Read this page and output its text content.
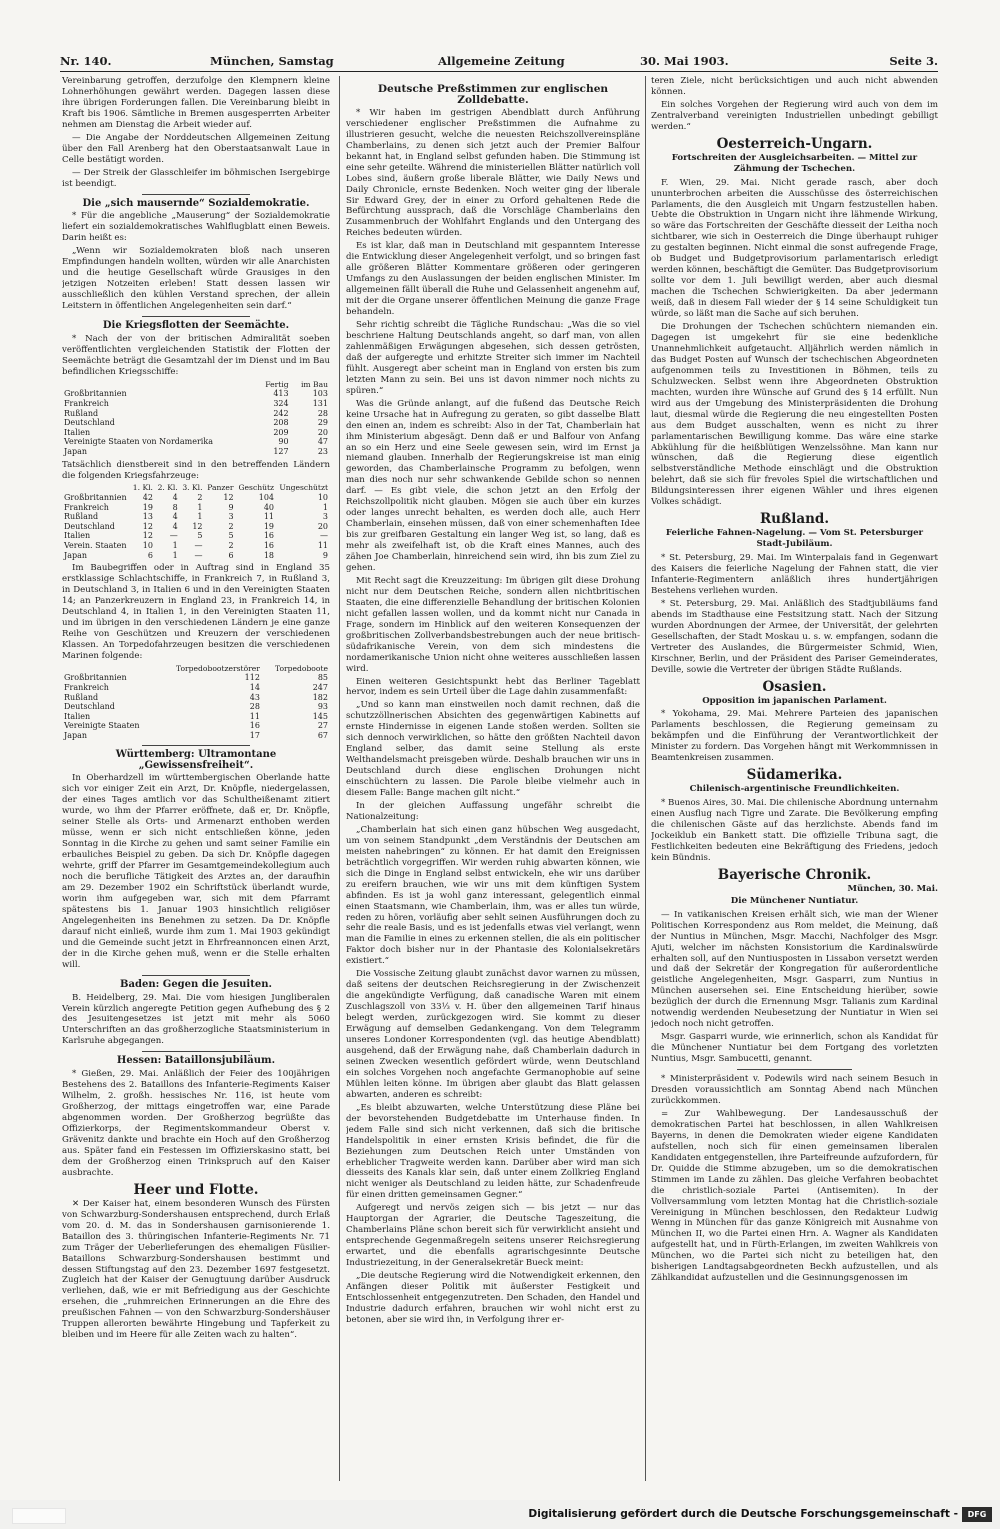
Nr. 140.	München, Samstag	Allgemeine Zeitung	30. Mai 1903.	Seite 3.

Vereinbarung getroffen, derzufolge den Klempnern kleine Lohnerhöhungen gewährt werden. Dagegen lassen diese ihre übrigen Forderungen fallen. Die Vereinbarung bleibt in Kraft bis 1906. Sämtliche in Bremen ausgesperrten Arbeiter nehmen am Dienstag die Arbeit wieder auf.

— Die Angabe der Norddeutschen Allgemeinen Zeitung über den Fall Arenberg hat den Oberstaatsanwalt Laue in Celle bestätigt worden.

— Der Streik der Glasschleifer im böhmischen Isergebirge ist beendigt.

Die „sich mausernde“ Sozialdemokratie.

* Für die angebliche „Mauserung“ der Sozialdemokratie liefert ein sozialdemokratisches Wahlflugblatt einen Beweis. Darin heißt es:

„Wenn wir Sozialdemokraten bloß nach unseren Empfindungen handeln wollten, würden wir alle Anarchisten und die heutige Gesellschaft würde Grausiges in den jetzigen Notzeiten erleben! Statt dessen lassen wir ausschließlich den kühlen Verstand sprechen, der allein Leitstern in öffentlichen Angelegenheiten sein darf.“

Die Kriegsflotten der Seemächte.

* Nach der von der britischen Admiralität soeben veröffentlichten vergleichenden Statistik der Flotten der Seemächte beträgt die Gesamtzahl der im Dienst und im Bau befindlichen Kriegsschiffe:

	Fertig	im Bau
Großbritannien	413	103
Frankreich	324	131
Rußland	242	28
Deutschland	208	29
Italien	209	20
Vereinigte Staaten von Nordamerika	90	47
Japan	127	23

Tatsächlich dienstbereit sind in den betreffenden Ländern die folgenden Kriegsfahrzeuge:

	1. Kl.	2. Kl.	3. Kl.	Panzer	Geschütz	Ungeschützt
Großbritannien	42	4	2	12	104	10
Frankreich	19	8	1	9	40	1
Rußland	13	4	1	3	11	3
Deutschland	12	4	12	2	19	20
Italien	12	—	5	5	16	—
Verein. Staaten	10	1	—	2	16	11
Japan	6	1	—	6	18	9

Im Baubegriffen oder in Auftrag sind in England 35 erstklassige Schlachtschiffe, in Frankreich 7, in Rußland 3, in Deutschland 3, in Italien 6 und in den Vereinigten Staaten 14; an Panzerkreuzern in England 23, in Frankreich 14, in Deutschland 4, in Italien 1, in den Vereinigten Staaten 11, und im übrigen in den verschiedenen Ländern je eine ganze Reihe von Geschützen und Kreuzern der verschiedenen Klassen. An Torpedofahrzeugen besitzen die verschiedenen Marinen folgende:

	Torpedobootzerstörer	Torpedoboote
Großbritannien	112	85
Frankreich	14	247
Rußland	43	182
Deutschland	28	93
Italien	11	145
Vereinigte Staaten	16	27
Japan	17	67
Württemberg: Ultramontane „Gewissensfreiheit“.

In Oberhardzell im württembergischen Oberlande hatte sich vor einiger Zeit ein Arzt, Dr. Knöpfle, niedergelassen, der eines Tages amtlich vor das Schultheißenamt zitiert wurde, wo ihm der Pfarrer eröffnete, daß er, Dr. Knöpfle, seiner Stelle als Orts- und Armenarzt enthoben werden müsse, wenn er sich nicht entschließen könne, jeden Sonntag in die Kirche zu gehen und samt seiner Familie ein erbauliches Beispiel zu geben. Da sich Dr. Knöpfle dagegen wehrte, griff der Pfarrer im Gesamtgemeindekollegium auch noch die berufliche Tätigkeit des Arztes an, der daraufhin am 29. Dezember 1902 ein Schriftstück überlandt wurde, worin ihm aufgegeben war, sich mit dem Pfarramt spätestens bis 1. Januar 1903 hinsichtlich religiöser Angelegenheiten ins Benehmen zu setzen. Da Dr. Knöpfle darauf nicht einließ, wurde ihm zum 1. Mai 1903 gekündigt und die Gemeinde sucht jetzt in Ehrfreannoncen einen Arzt, der in die Kirche gehen muß, wenn er die Stelle erhalten will.

Baden: Gegen die Jesuiten.

B. Heidelberg, 29. Mai. Die vom hiesigen Jungliberalen Verein kürzlich angeregte Petition gegen Aufhebung des § 2 des Jesuitengesetzes ist jetzt mit mehr als 5060 Unterschriften an das großherzogliche Staatsministerium in Karlsruhe abgegangen.

Hessen: Bataillonsjubiläum.

* Gießen, 29. Mai. Anläßlich der Feier des 100jährigen Bestehens des 2. Bataillons des Infanterie-Regiments Kaiser Wilhelm, 2. großh. hessisches Nr. 116, ist heute vom Großherzog, der mittags eingetroffen war, eine Parade abgenommen worden. Der Großherzog begrüßte das Offizierkorps, der Regimentskommandeur Oberst v. Grävenitz dankte und brachte ein Hoch auf den Großherzog aus. Später fand ein Festessen im Offizierskasino statt, bei dem der Großherzog einen Trinkspruch auf den Kaiser ausbrachte.

Heer und Flotte.

✕ Der Kaiser hat, einem besonderen Wunsch des Fürsten von Schwarzburg-Sondershausen entsprechend, durch Erlaß vom 20. d. M. das in Sondershausen garnisonierende 1. Bataillon des 3. thüringischen Infanterie-Regiments Nr. 71 zum Träger der Ueberlieferungen des ehemaligen Füsilier-Bataillons Schwarzburg-Sondershausen bestimmt und dessen Stiftungstag auf den 23. Dezember 1697 festgesetzt. Zugleich hat der Kaiser der Genugtuung darüber Ausdruck verliehen, daß, wie er mit Befriedigung aus der Geschichte ersehen, die „ruhmreichen Erinnerungen an die Ehre des preußischen Fahnen — von den Schwarzburg-Sondershäuser Truppen allerorten bewährte Hingebung und Tapferkeit zu bleiben und im Heere für alle Zeiten wach zu halten“.

Deutsche Preßstimmen zur englischen Zolldebatte.

* Wir haben im gestrigen Abendblatt durch Anführung verschiedener englischer Preßstimmen die Aufnahme zu illustrieren gesucht, welche die neuesten Reichszollvereinspläne Chamberlains, zu denen sich jetzt auch der Premier Balfour bekannt hat, in England selbst gefunden haben. Die Stimmung ist eine sehr geteilte. Während die ministeriellen Blätter natürlich voll Lobes sind, äußern große liberale Blätter, wie Daily News und Daily Chronicle, ernste Bedenken. Noch weiter ging der liberale Sir Edward Grey, der in einer zu Orford gehaltenen Rede die Befürchtung aussprach, daß die Vorschläge Chamberlains den Zusammenbruch der Wohlfahrt Englands und den Untergang des Reiches bedeuten würden.

Es ist klar, daß man in Deutschland mit gespanntem Interesse die Entwicklung dieser Angelegenheit verfolgt, und so bringen fast alle größeren Blätter Kommentare größeren oder geringeren Umfangs zu den Auslassungen der beiden englischen Minister. Im allgemeinen fällt überall die Ruhe und Gelassenheit angenehm auf, mit der die Organe unserer öffentlichen Meinung die ganze Frage behandeln.

Sehr richtig schreibt die Tägliche Rundschau: „Was die so viel beschriene Haltung Deutschlands angeht, so darf man, von allen zahlenmäßigen Erwägungen abgesehen, sich dessen getrösten, daß der aufgeregte und erhitzte Streiter sich immer im Nachteil fühlt. Ausgeregt aber scheint man in England von ersten bis zum letzten Mann zu sein. Bei uns ist davon nimmer noch nichts zu spüren.“

Was die Gründe anlangt, auf die fußend das Deutsche Reich keine Ursache hat in Aufregung zu geraten, so gibt dasselbe Blatt den einen an, indem es schreibt: Also in der Tat, Chamberlain hat ihm Ministerium abgesägt. Denn daß er und Balfour von Anfang an so ein Herz und eine Seele gewesen sein, wird im Ernst ja niemand glauben. Innerhalb der Regierungskreise ist man einig geworden, das Chamberlainsche Programm zu befolgen, wenn man dies noch nur sehr schwankende Gebilde schon so nennen darf. — Es gibt viele, die schon jetzt an den Erfolg der Reichszollpolitik nicht glauben. Mögen sie auch über ein kurzes oder langes unrecht behalten, es werden doch alle, auch Herr Chamberlain, einsehen müssen, daß von einer schemenhaften Idee bis zur greifbaren Gestaltung ein langer Weg ist, so lang, daß es mehr als zweifelhaft ist, ob die Kraft eines Mannes, auch des zähen Joe Chamberlain, hinreichend sein wird, ihn bis zum Ziel zu gehen.

Mit Recht sagt die Kreuzzeitung: Im übrigen gilt diese Drohung nicht nur dem Deutschen Reiche, sondern allen nichtbritischen Staaten, die eine differenzielle Behandlung der britischen Kolonien nicht gefallen lassen wollen, und da kommt nicht nur Canada in Frage, sondern im Hinblick auf den weiteren Konsequenzen der großbritischen Zollverbandsbestrebungen auch der neue britisch-südafrikanische Verein, von dem sich mindestens die nordamerikanische Union nicht ohne weiteres ausschließen lassen wird.

Einen weiteren Gesichtspunkt hebt das Berliner Tageblatt hervor, indem es sein Urteil über die Lage dahin zusammenfaßt:

„Und so kann man einstweilen noch damit rechnen, daß die schutzzöllnerischen Absichten des gegenwärtigen Kabinetts auf ernste Hindernisse in eigenen Lande stoßen werden. Sollten sie sich dennoch verwirklichen, so hätte den größten Nachteil davon England selber, das damit seine Stellung als erste Welthandelsmacht preisgeben würde. Deshalb brauchen wir uns in Deutschland durch diese englischen Drohungen nicht einschüchtern zu lassen. Die Parole bleibe vielmehr auch in diesem Falle: Bange machen gilt nicht.“

In der gleichen Auffassung ungefähr schreibt die Nationalzeitung:

„Chamberlain hat sich einen ganz hübschen Weg ausgedacht, um von seinem Standpunkt „dem Verständnis der Deutschen am meisten nahebringen“ zu können. Er hat damit den Ereignissen beträchtlich vorgegriffen. Wir werden ruhig abwarten können, wie sich die Dinge in England selbst entwickeln, ehe wir uns darüber zu ereifern brauchen, wie wir uns mit dem künftigen System abfinden. Es ist ja wohl ganz interessant, gelegentlich einmal einen Staatsmann, wie Chamberlain, ihm, was er alles tun würde, reden zu hören, vorläufig aber sehlt seinen Ausführungen doch zu sehr die reale Basis, und es ist jedenfalls etwas viel verlangt, wenn man die Familie in eines zu erkennen stellen, die als ein politischer Faktor doch bisher nur in der Phantasie des Kolonialsekretärs existiert.“

Die Vossische Zeitung glaubt zunächst davor warnen zu müssen, daß seitens der deutschen Reichsregierung in der Zwischenzeit die angekündigte Verfügung, daß canadische Waren mit einem Zuschlagszoll von 33⅓ v. H. über den allgemeinen Tarif hinaus belegt werden, zurückgezogen wird. Sie kommt zu dieser Erwägung auf demselben Gedankengang. Von dem Telegramm unseres Londoner Korrespondenten (vgl. das heutige Abendblatt) ausgehend, daß der Erwägung nahe, daß Chamberlain dadurch in seinen Zwecken wesentlich gefördert würde, wenn Deutschland ein solches Vorgehen noch angefachte Germanophobie auf seine Mühlen leiten könne. Im übrigen aber glaubt das Blatt gelassen abwarten, anderen es schreibt:

„Es bleibt abzuwarten, welche Unterstützung diese Pläne bei der bevorstehenden Budgetdebatte im Unterhause finden. In jedem Falle sind sich nicht verkennen, daß sich die britische Handelspolitik in einer ernsten Krisis befindet, die für die Beziehungen zum Deutschen Reich unter Umständen von erheblicher Tragweite werden kann. Darüber aber wird man sich diesseits des Kanals klar sein, daß unter einem Zollkrieg England nicht weniger als Deutschland zu leiden hätte, zur Schadenfreude für einen dritten gemeinsamen Gegner.“

Aufgeregt und nervös zeigen sich — bis jetzt — nur das Hauptorgan der Agrarier, die Deutsche Tageszeitung, die Chamberlains Pläne schon bereit sich für verwirklicht ansieht und entsprechende Gegenmaßregeln seitens unserer Reichsregierung erwartet, und die ebenfalls agrarischgesinnte Deutsche Industriezeitung, in der Generalsekretär Bueck meint:

„Die deutsche Regierung wird die Notwendigkeit erkennen, den Anfängen dieser Politik mit äußerster Festigkeit und Entschlossenheit entgegenzutreten. Den Schaden, den Handel und Industrie dadurch erfahren, brauchen wir wohl nicht erst zu betonen, aber sie wird ihn, in Verfolgung ihrer er-

teren Ziele, nicht berücksichtigen und auch nicht abwenden können.

Ein solches Vorgehen der Regierung wird auch von dem im Zentralverband vereinigten Industriellen unbedingt gebilligt werden.“

Oesterreich-Ungarn.
Fortschreiten der Ausgleichsarbeiten. — Mittel zur Zähmung der Tschechen.

F. Wien, 29. Mai. Nicht gerade rasch, aber doch ununterbrochen arbeiten die Ausschüsse des österreichischen Parlaments, die den Ausgleich mit Ungarn festzustellen haben. Uebte die Obstruktion in Ungarn nicht ihre lähmende Wirkung, so wäre das Fortschreiten der Geschäfte diesseit der Leitha noch sichtbarer, wie sich in Oesterreich die Dinge überhaupt ruhiger zu gestalten beginnen. Nicht einmal die sonst aufregende Frage, ob Budget und Budgetprovisorium parlamentarisch erledigt werden können, beschäftigt die Gemüter. Das Budgetprovisorium sollte vor dem 1. Juli bewilligt werden, aber auch diesmal machen die Tschechen Schwierigkeiten. Da aber jedermann weiß, daß in diesem Fall wieder der § 14 seine Schuldigkeit tun würde, so läßt man die Sache auf sich beruhen.

Die Drohungen der Tschechen schüchtern niemanden ein. Dagegen ist umgekehrt für sie eine bedenkliche Unannehmlichkeit aufgetaucht. Alljährlich werden nämlich in das Budget Posten auf Wunsch der tschechischen Abgeordneten aufgenommen teils zu Investitionen in Böhmen, teils zu Schulzwecken. Selbst wenn ihre Abgeordneten Obstruktion machten, wurden ihre Wünsche auf Grund des § 14 erfüllt. Nun wird aus der Umgebung des Ministerpräsidenten die Drohung laut, diesmal würde die Regierung die neu eingestellten Posten aus dem Budget ausschalten, wenn es nicht zu ihrer parlamentarischen Bewilligung komme. Das wäre eine starke Abkühlung für die heißblütigen Wenzelssöhne. Man kann nur wünschen, daß die Regierung diese eigentlich selbstverständliche Methode einschlägt und die Obstruktion belehrt, daß sie sich für frevoles Spiel die wirtschaftlichen und Bildungsinteressen ihrer eigenen Wähler und ihres eigenen Volkes schädigt.

Rußland.
Feierliche Fahnen-Nagelung. — Vom St. Petersburger Stadt-Jubiläum.

* St. Petersburg, 29. Mai. Im Winterpalais fand in Gegenwart des Kaisers die feierliche Nagelung der Fahnen statt, die vier Infanterie-Regimentern anläßlich ihres hundertjährigen Bestehens verliehen wurden.

* St. Petersburg, 29. Mai. Anläßlich des Stadtjubiläums fand abends im Stadthause eine Festsitzung statt. Nach der Sitzung wurden Abordnungen der Armee, der Universität, der gelehrten Gesellschaften, der Stadt Moskau u. s. w. empfangen, sodann die Vertreter des Auslandes, die Bürgermeister Schmid, Wien, Kirschner, Berlin, und der Präsident des Pariser Gemeinderates, Deville, sowie die Vertreter der übrigen Städte Rußlands.

Osasien.
Opposition im japanischen Parlament.

* Yokohama, 29. Mai. Mehrere Parteien des japanischen Parlaments beschlossen, die Regierung gemeinsam zu bekämpfen und die Einführung der Verantwortlichkeit der Minister zu fordern. Das Vorgehen hängt mit Werkommnissen in Beamtenkreisen zusammen.

Südamerika.
Chilenisch-argentinische Freundlichkeiten.

* Buenos Aires, 30. Mai. Die chilenische Abordnung unternahm einen Ausflug nach Tigre und Zarate. Die Bevölkerung empfing die chilenischen Gäste auf das herzlichste. Abends fand im Jockeiklub ein Bankett statt. Die offizielle Tribuna sagt, die Festlichkeiten bedeuten eine Bekräftigung des Friedens, jedoch kein Bündnis.

Bayerische Chronik.

München, 30. Mai.

Die Münchener Nuntiatur.

— In vatikanischen Kreisen erhält sich, wie man der Wiener Politischen Korrespondenz aus Rom meldet, die Meinung, daß der Nuntius in München, Msgr. Macchi, Nachfolger des Msgr. Ajuti, welcher im nächsten Konsistorium die Kardinalswürde erhalten soll, auf den Nuntiusposten in Lissabon versetzt werden und daß der Sekretär der Kongregation für außerordentliche geistliche Angelegenheiten, Msgr. Gasparri, zum Nuntius in München ausersehen sei. Eine Entscheidung hierüber, sowie bezüglich der durch die Ernennung Msgr. Talianis zum Kardinal notwendig werdenden Neubesetzung der Nuntiatur in Wien sei jedoch noch nicht getroffen.

Msgr. Gasparri wurde, wie erinnerlich, schon als Kandidat für die Münchener Nuntiatur bei dem Fortgang des vorletzten Nuntius, Msgr. Sambucetti, genannt.

* Ministerpräsident v. Podewils wird nach seinem Besuch in Dresden voraussichtlich am Sonntag Abend nach München zurückkommen.

= Zur Wahlbewegung. Der Landesausschuß der demokratischen Partei hat beschlossen, in allen Wahlkreisen Bayerns, in denen die Demokraten wieder eigene Kandidaten aufstellen, noch sich für einen gemeinsamen liberalen Kandidaten entgegenstellen, ihre Parteifreunde aufzufordern, für Dr. Quidde die Stimme abzugeben, um so die demokratischen Stimmen im Lande zu zählen. Das gleiche Verfahren beobachtet die christlich-soziale Partei (Antisemiten). In der Vollversammlung vom letzten Montag hat die Christlich-soziale Vereinigung in München beschlossen, den Redakteur Ludwig Wenng in München für das ganze Königreich mit Ausnahme von München II, wo die Partei einen Hrn. A. Wagner als Kandidaten aufgestellt hat, und in Fürth-Erlangen, im zweiten Wahlkreis von München, wo die Partei sich nicht zu beteiligen hat, den bisherigen Landtagsabgeordneten Beckh aufzustellen, und als Zählkandidat aufzustellen und die Gesinnungsgenossen im

Digitalisierung gefördert durch die Deutsche Forschungsgemeinschaft -	DFG
